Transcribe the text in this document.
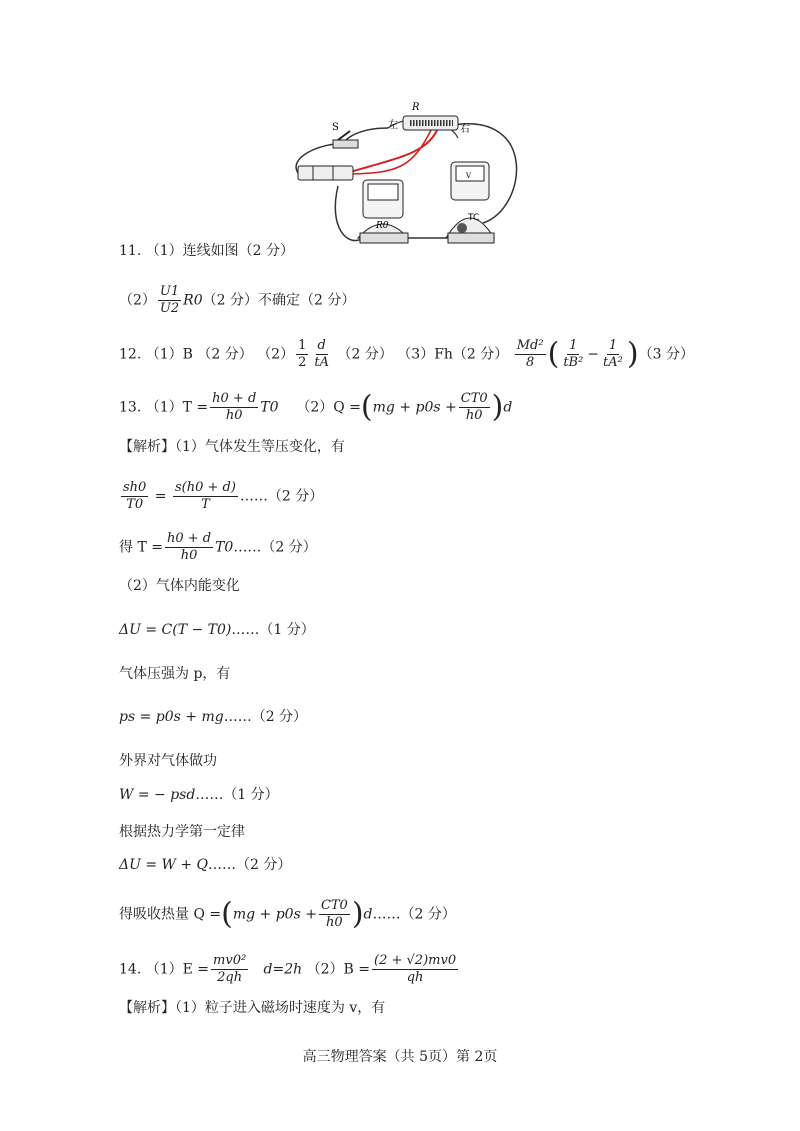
R
左	右
S
R0
V
TC
11. （1）连线如图（2 分）
$(2) \frac{U1}{U2} R0(2$ 分）不确定（2 分）
12. （1）B （2 分） $(2) \frac{1}{2} \frac{d}{tA} (2$ 分） （3）Fh（2 分） $\frac{\text{Md²}}{8}$ ( $\frac{1}{\text{tB²}} - \frac{1}{\text{tA²}} )(3$ 分）
13. $(1)T = \frac{h0 + d}{h0} T0$ $(2)Q =(mg + p0s + \frac{CT0}{h0} )d$
【解析】（1）气体发生等压变化，有
$\frac{sh0}{T0} = \frac{s(h0 + d)}{T}$ ……（2 分）
得 $T = \frac{h0 + d}{h0}$ T0……（2 分）
（2）气体内能变化
ΔU = C(T − T0)……（1 分）
气体压强为 p，有
ps = p0s + mg……（2 分）
外界对气体做功
W = − psd……（1 分）
根据热力学第一定律
ΔU = W + Q……（2 分）
得吸收热量 $Q =(mg + p0s + \frac{CT0}{h0}$ )d……（2 分）
14. $(1)E = \frac{\text{mv0²}}{2qh} d=2h$ $(2)B = \frac{(2 + √2)mv0}{qh}$
【解析】（1）粒子进入磁场时速度为 v，有
高三物理答案（共 5页）第 2页
